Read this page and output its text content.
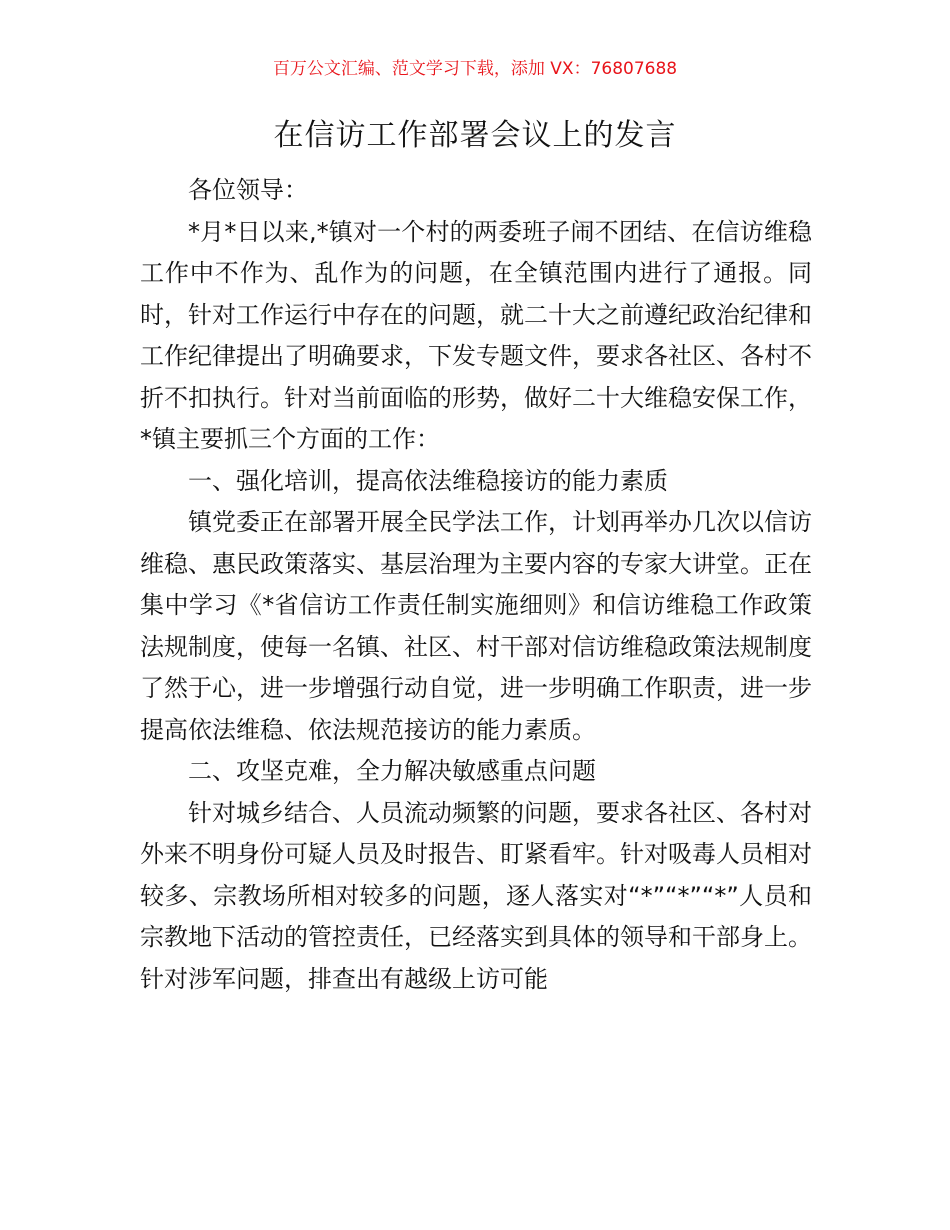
百万公文汇编、范文学习下载，添加 VX：76807688
在信访工作部署会议上的发言

各位领导：

*月*日以来,*镇对一个村的两委班子闹不团结、在信访维稳工作中不作为、乱作为的问题，在全镇范围内进行了通报。同时，针对工作运行中存在的问题，就二十大之前遵纪政治纪律和工作纪律提出了明确要求，下发专题文件，要求各社区、各村不折不扣执行。针对当前面临的形势，做好二十大维稳安保工作，*镇主要抓三个方面的工作：

一、强化培训，提高依法维稳接访的能力素质

镇党委正在部署开展全民学法工作，计划再举办几次以信访维稳、惠民政策落实、基层治理为主要内容的专家大讲堂。正在集中学习《*省信访工作责任制实施细则》和信访维稳工作政策法规制度，使每一名镇、社区、村干部对信访维稳政策法规制度了然于心，进一步增强行动自觉，进一步明确工作职责，进一步提高依法维稳、依法规范接访的能力素质。

二、攻坚克难，全力解决敏感重点问题

针对城乡结合、人员流动频繁的问题，要求各社区、各村对外来不明身份可疑人员及时报告、盯紧看牢。针对吸毒人员相对较多、宗教场所相对较多的问题，逐人落实对“*”“*”“*”人员和宗教地下活动的管控责任，已经落实到具体的领导和干部身上。针对涉军问题，排查出有越级上访可能
